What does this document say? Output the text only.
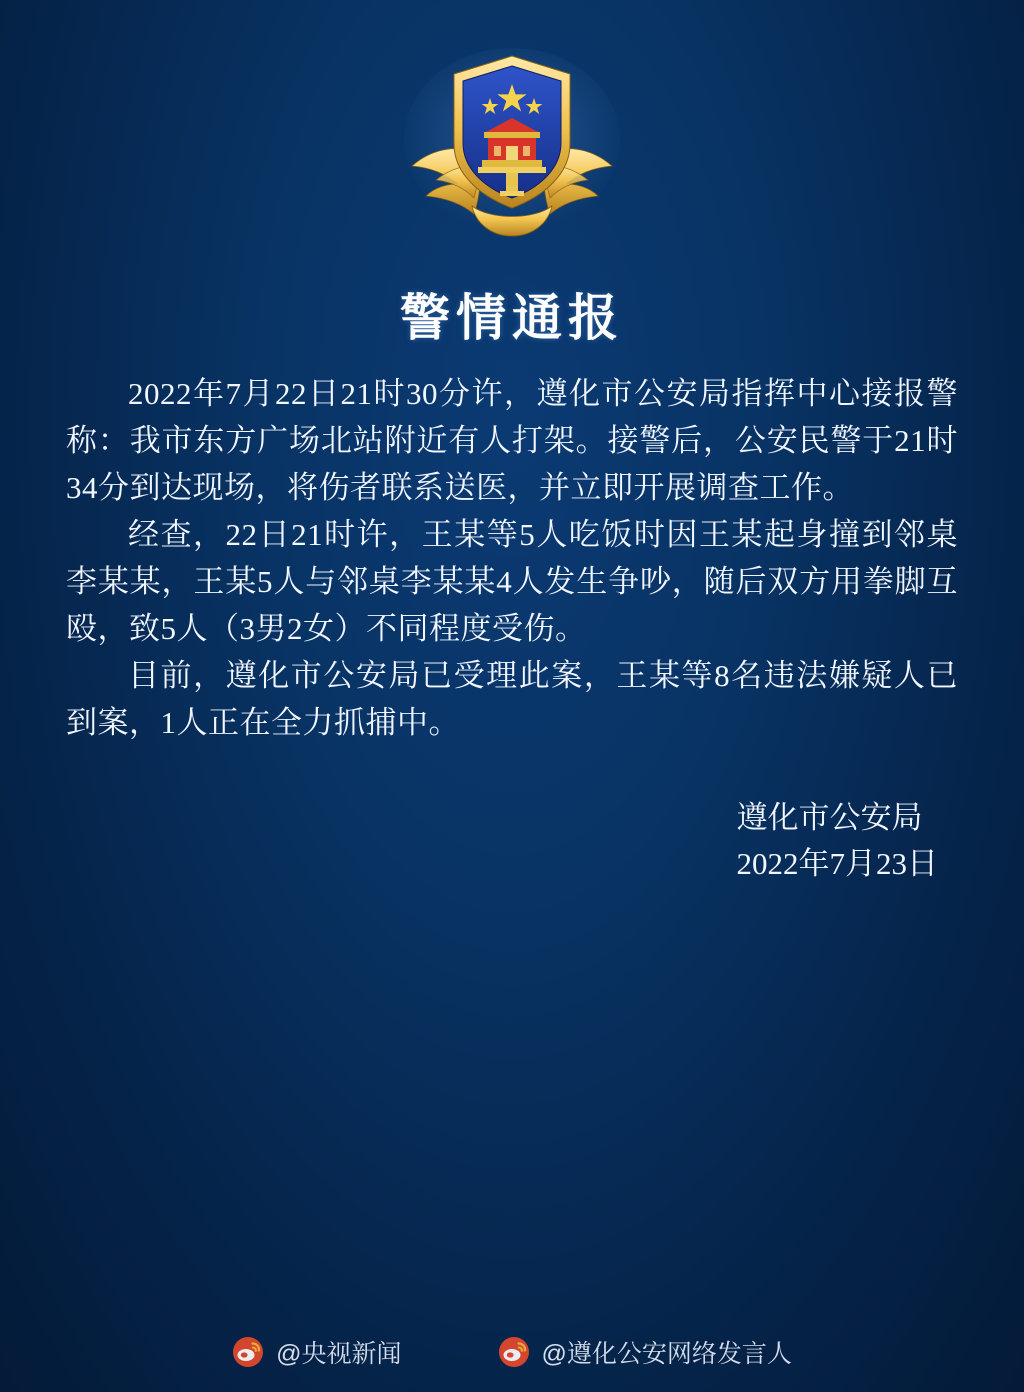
警情通报

2022年7月22日21时30分许，遵化市公安局指挥中心接报警称：我市东方广场北站附近有人打架。接警后，公安民警于21时34分到达现场，将伤者联系送医，并立即开展调查工作。

经查，22日21时许，王某等5人吃饭时因王某起身撞到邻桌李某某，王某5人与邻桌李某某4人发生争吵，随后双方用拳脚互殴，致5人（3男2女）不同程度受伤。

目前，遵化市公安局已受理此案，王某等8名违法嫌疑人已到案，1人正在全力抓捕中。

遵化市公安局
2022年7月23日
@央视新闻	@遵化公安网络发言人
